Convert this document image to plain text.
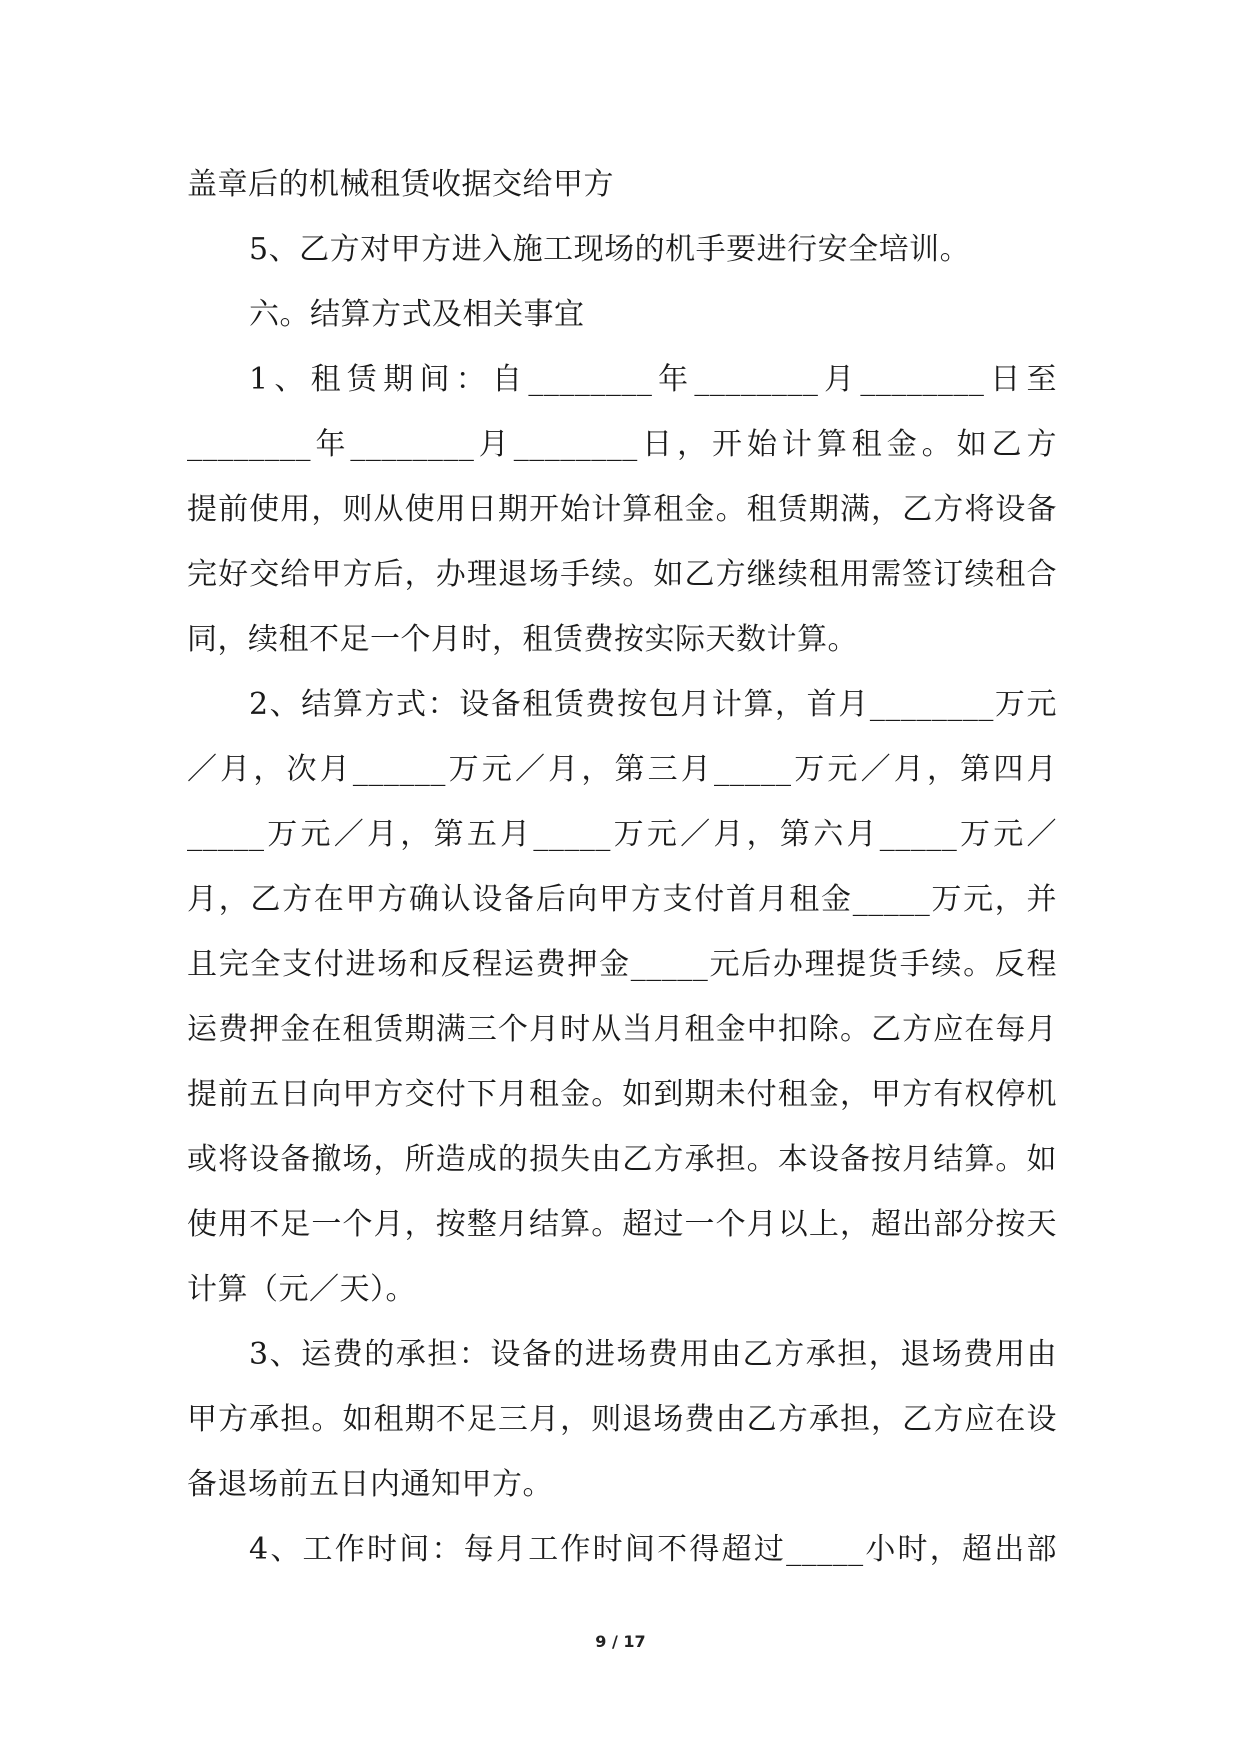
盖章后的机械租赁收据交给甲方
5、乙方对甲方进入施工现场的机手要进行安全培训。
六。结算方式及相关事宜
1、租赁期间：自________年________月________日至
________年________月________日，开始计算租金。如乙方
提前使用，则从使用日期开始计算租金。租赁期满，乙方将设备
完好交给甲方后，办理退场手续。如乙方继续租用需签订续租合
同，续租不足一个月时，租赁费按实际天数计算。
2、结算方式：设备租赁费按包月计算，首月________万元
／月，次月______万元／月，第三月_____万元／月，第四月
_____万元／月，第五月_____万元／月，第六月_____万元／
月，乙方在甲方确认设备后向甲方支付首月租金_____万元，并
且完全支付进场和反程运费押金_____元后办理提货手续。反程
运费押金在租赁期满三个月时从当月租金中扣除。乙方应在每月
提前五日向甲方交付下月租金。如到期未付租金，甲方有权停机
或将设备撤场，所造成的损失由乙方承担。本设备按月结算。如
使用不足一个月，按整月结算。超过一个月以上，超出部分按天
计算（元／天）。
3、运费的承担：设备的进场费用由乙方承担，退场费用由
甲方承担。如租期不足三月，则退场费由乙方承担，乙方应在设
备退场前五日内通知甲方。
4、工作时间：每月工作时间不得超过_____小时，超出部
9 / 17
